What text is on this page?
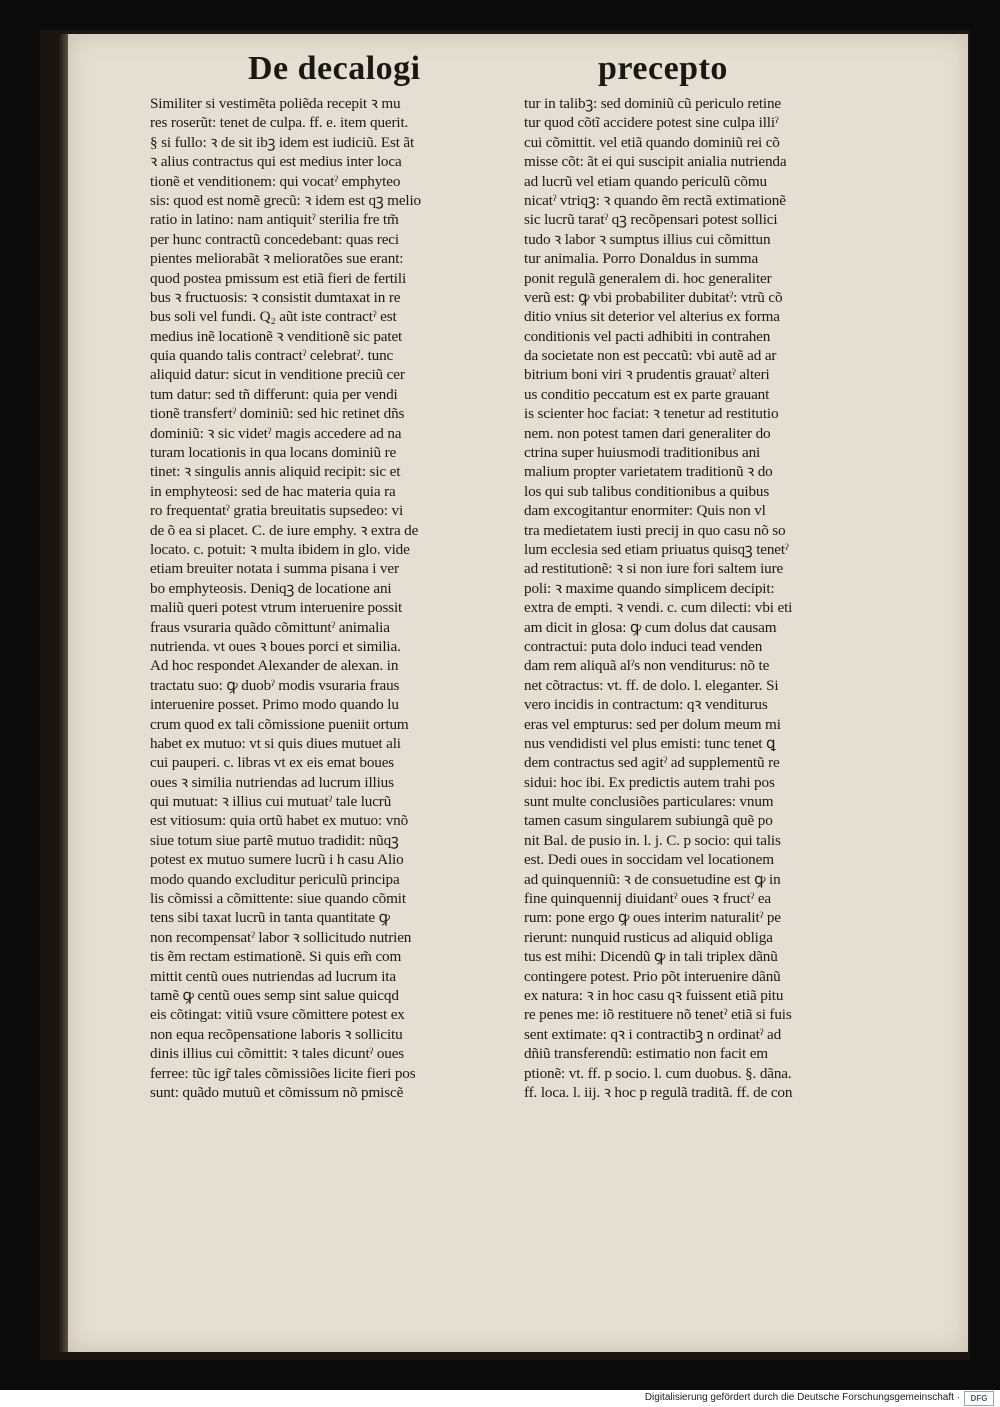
De decalogi	precepto
Similiter si vestimẽta poliẽda recepit ꝛ mu
res roserũt: tenet de culpa. ff. e. item querit.
§ si fullo: ꝛ de sit ibꝫ idem est iudiciũ. Est ãt
ꝛ alius contractus qui est medius inter loca
tionẽ et venditionem: qui vocatˀ emphyteo
sis: quod est nomẽ grecũ: ꝛ idem est qꝫ melio
ratio in latino: nam antiquitˀ sterilia fre tm̃
per hunc contractũ concedebant: quas reci
pientes meliorabãt ꝛ melioratões sue erant:
quod postea pmissum est etiã fieri de fertili
bus ꝛ fructuosis: ꝛ consistit dumtaxat in re
bus soli vel fundi. Q₂ aũt iste contractˀ est
medius inẽ locationẽ ꝛ venditionẽ sic patet
quia quando talis contractˀ celebratˀ. tunc
aliquid datur: sicut in venditione preciũ cer
tum datur: sed tñ differunt: quia per vendi
tionẽ transfertˀ dominiũ: sed hic retinet dñs
dominiũ: ꝛ sic videtˀ magis accedere ad na
turam locationis in qua locans dominiũ re
tinet: ꝛ singulis annis aliquid recipit: sic et
in emphyteosi: sed de hac materia quia ra
ro frequentatˀ gratia breuitatis supsedeo: vi
de õ ea si placet. C. de iure emphy. ꝛ extra de
locato. c. potuit: ꝛ multa ibidem in glo. vide
etiam breuiter notata i summa pisana i ver
bo emphyteosis. Deniqꝫ de locatione ani
maliũ queri potest vtrum interuenire possit
fraus vsuraria quãdo cõmittuntˀ animalia
nutrienda. vt oues ꝛ boues porci et similia.
Ad hoc respondet Alexander de alexan. in
tractatu suo: ꝙ duobˀ modis vsuraria fraus
interuenire posset. Primo modo quando lu
crum quod ex tali cõmissione pueniit ortum
habet ex mutuo: vt si quis diues mutuet ali
cui pauperi. c. libras vt ex eis emat boues
oues ꝛ similia nutriendas ad lucrum illius
qui mutuat: ꝛ illius cui mutuatˀ tale lucrũ
est vitiosum: quia ortũ habet ex mutuo: vnõ
siue totum siue partẽ mutuo tradidit: nũqꝫ
potest ex mutuo sumere lucrũ i h casu Alio
modo quando excluditur periculũ principa
lis cõmissi a cõmittente: siue quando cõmit
tens sibi taxat lucrũ in tanta quantitate ꝙ
non recompensatˀ labor ꝛ sollicitudo nutrien
tis ẽm rectam estimationẽ. Si quis em̃ com
mittit centũ oues nutriendas ad lucrum ita
tamẽ ꝙ centũ oues semp sint salue quicqd
eis cõtingat: vitiũ vsure cõmittere potest ex
non equa recõpensatione laboris ꝛ sollicitu
dinis illius cui cõmittit: ꝛ tales dicuntˀ oues
ferree: tũc igr̃ tales cõmissiões licite fieri pos
sunt: quãdo mutuũ et cõmissum nõ pmiscẽ
tur in talibꝫ: sed dominiũ cũ periculo retine
tur quod cõtĩ accidere potest sine culpa illiˀ
cui cõmittit. vel etiã quando dominiũ rei cõ
misse cõt: ãt ei qui suscipit anialia nutrienda
ad lucrũ vel etiam quando periculũ cõmu
nicatˀ vtriqꝫ: ꝛ quando ẽm rectã extimationẽ
sic lucrũ taratˀ qꝫ recõpensari potest sollici
tudo ꝛ labor ꝛ sumptus illius cui cõmittun
tur animalia. Porro Donaldus in summa
ponit regulã generalem di. hoc generaliter
verũ est: ꝙ vbi probabiliter dubitatˀ: vtrũ cõ
ditio vnius sit deterior vel alterius ex forma
conditionis vel pacti adhibiti in contrahen
da societate non est peccatũ: vbi autẽ ad ar
bitrium boni viri ꝛ prudentis grauatˀ alteri
us conditio peccatum est ex parte grauant
is scienter hoc faciat: ꝛ tenetur ad restitutio
nem. non potest tamen dari generaliter do
ctrina super huiusmodi traditionibus ani
malium propter varietatem traditionũ ꝛ do
los qui sub talibus conditionibus a quibus
dam excogitantur enormiter: Quis non vl
tra medietatem iusti precij in quo casu nõ so
lum ecclesia sed etiam priuatus quisqꝫ tenetˀ
ad restitutionẽ: ꝛ si non iure fori saltem iure
poli: ꝛ maxime quando simplicem decipit:
extra de empti. ꝛ vendi. c. cum dilecti: vbi eti
am dicit in glosa: ꝙ cum dolus dat causam
contractui: puta dolo induci tead venden
dam rem aliquã alˀs non venditurus: nõ te
net cõtractus: vt. ff. de dolo. l. eleganter. Si
vero incidis in contractum: qꝛ venditurus
eras vel empturus: sed per dolum meum mi
nus vendidisti vel plus emisti: tunc tenet ꝗ
dem contractus sed agitˀ ad supplementũ re
sidui: hoc ibi. Ex predictis autem trahi pos
sunt multe conclusiões particulares: vnum
tamen casum singularem subiungã quẽ po
nit Bal. de pusio in. l. j. C. p socio: qui talis
est. Dedi oues in soccidam vel locationem
ad quinquenniũ: ꝛ de consuetudine est ꝙ in
fine quinquennij diuidantˀ oues ꝛ fructˀ ea
rum: pone ergo ꝙ oues interim naturalitˀ pe
rierunt: nunquid rusticus ad aliquid obliga
tus est mihi: Dicendũ ꝙ in tali triplex dãnũ
contingere potest. Prio põt interuenire dãnũ
ex natura: ꝛ in hoc casu qꝛ fuissent etiã pitu
re penes me: iõ restituere nõ tenetˀ etiã si fuis
sent extimate: qꝛ i contractibꝫ n ordinatˀ ad
dñiũ transferendũ: estimatio non facit em
ptionẽ: vt. ff. p socio. l. cum duobus. §. dãna.
ff. loca. l. iij. ꝛ hoc p regulã traditã. ff. de con
Digitalisierung gefördert durch die Deutsche Forschungsgemeinschaft ·	DFG
